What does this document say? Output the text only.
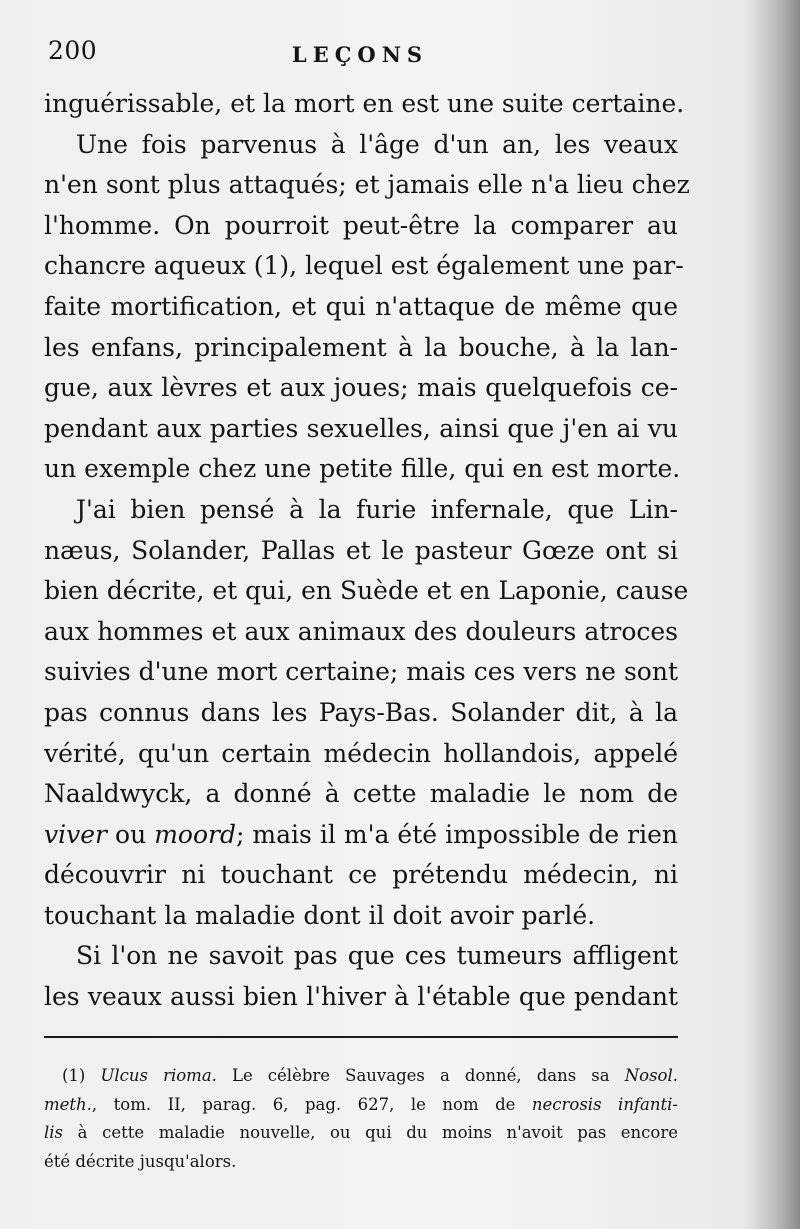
200	LEÇONS
inguérissable, et la mort en est une suite certaine.
Une fois parvenus à l'âge d'un an, les veaux
n'en sont plus attaqués; et jamais elle n'a lieu chez
l'homme. On pourroit peut-être la comparer au
chancre aqueux (1), lequel est également une par-
faite mortification, et qui n'attaque de même que
les enfans, principalement à la bouche, à la lan-
gue, aux lèvres et aux joues; mais quelquefois ce-
pendant aux parties sexuelles, ainsi que j'en ai vu
un exemple chez une petite fille, qui en est morte.
J'ai bien pensé à la furie infernale, que Lin-
næus, Solander, Pallas et le pasteur Gœze ont si
bien décrite, et qui, en Suède et en Laponie, cause
aux hommes et aux animaux des douleurs atroces
suivies d'une mort certaine; mais ces vers ne sont
pas connus dans les Pays-Bas. Solander dit, à la
vérité, qu'un certain médecin hollandois, appelé
Naaldwyck, a donné à cette maladie le nom de
viver ou moord; mais il m'a été impossible de rien
découvrir ni touchant ce prétendu médecin, ni
touchant la maladie dont il doit avoir parlé.
Si l'on ne savoit pas que ces tumeurs affligent
les veaux aussi bien l'hiver à l'étable que pendant
(1) Ulcus rioma. Le célèbre Sauvages a donné, dans sa Nosol.
meth., tom. II, parag. 6, pag. 627, le nom de necrosis infanti-
lis à cette maladie nouvelle, ou qui du moins n'avoit pas encore
été décrite jusqu'alors.
